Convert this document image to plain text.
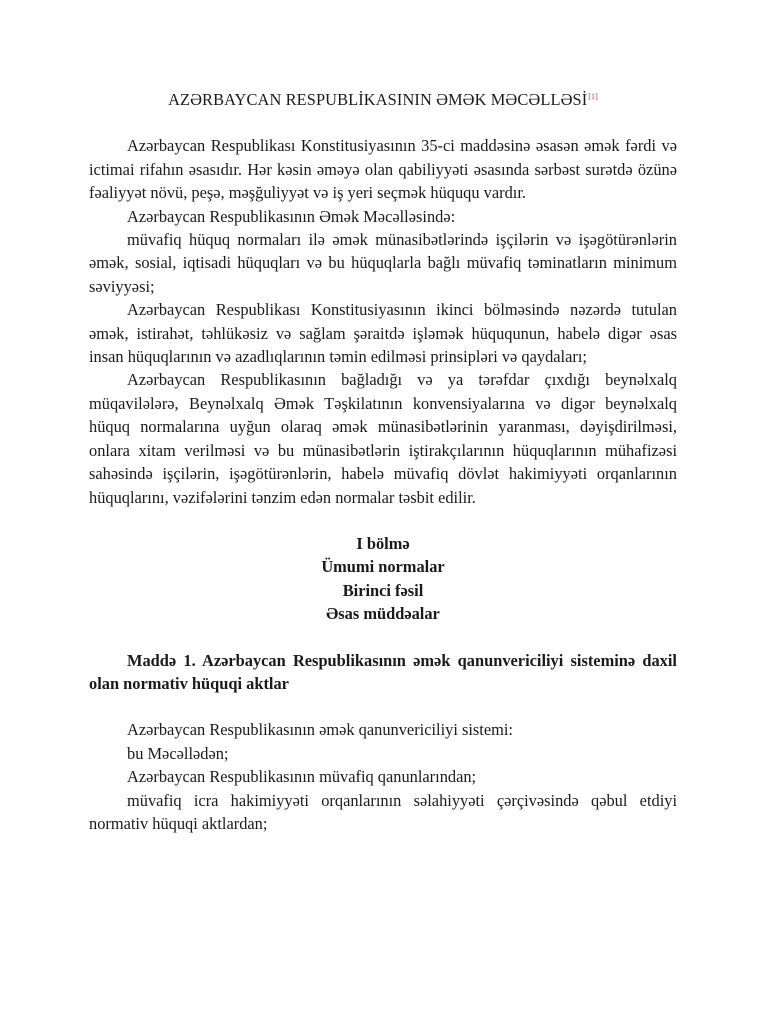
AZƏRBAYCAN RESPUBLİKASININ ƏMƏK MƏCƏLLƏSİ[1]

Azərbaycan Respublikası Konstitusiyasının 35-ci maddəsinə əsasən əmək fərdi və ictimai rifahın əsasıdır. Hər kəsin əməyə olan qabiliyyəti əsasında sərbəst surətdə özünə fəaliyyət növü, peşə, məşğuliyyət və iş yeri seçmək hüququ vardır.

Azərbaycan Respublikasının Əmək Məcəlləsində:

müvafiq hüquq normaları ilə əmək münasibətlərində işçilərin və işəgötürənlərin əmək, sosial, iqtisadi hüquqları və bu hüquqlarla bağlı müvafiq təminatların minimum səviyyəsi;

Azərbaycan Respublikası Konstitusiyasının ikinci bölməsində nəzərdə tutulan əmək, istirahət, təhlükəsiz və sağlam şəraitdə işləmək hüququnun, habelə digər əsas insan hüquqlarının və azadlıqlarının təmin edilməsi prinsipləri və qaydaları;

Azərbaycan Respublikasının bağladığı və ya tərəfdar çıxdığı beynəlxalq müqavilələrə, Beynəlxalq Əmək Təşkilatının konvensiyalarına və digər beynəlxalq hüquq normalarına uyğun olaraq əmək münasibətlərinin yaranması, dəyişdirilməsi, onlara xitam verilməsi və bu münasibətlərin iştirakçılarının hüquqlarının mühafizəsi sahəsində işçilərin, işəgötürənlərin, habelə müvafiq dövlət hakimiyyəti orqanlarının hüquqlarını, vəzifələrini tənzim edən normalar təsbit edilir.

I bölmə
Ümumi normalar
Birinci fəsil
Əsas müddəalar

Maddə 1. Azərbaycan Respublikasının əmək qanunvericiliyi sisteminə daxil olan normativ hüquqi aktlar

Azərbaycan Respublikasının əmək qanunvericiliyi sistemi:

bu Məcəllədən;

Azərbaycan Respublikasının müvafiq qanunlarından;

müvafiq icra hakimiyyəti orqanlarının səlahiyyəti çərçivəsində qəbul etdiyi normativ hüquqi aktlardan;
